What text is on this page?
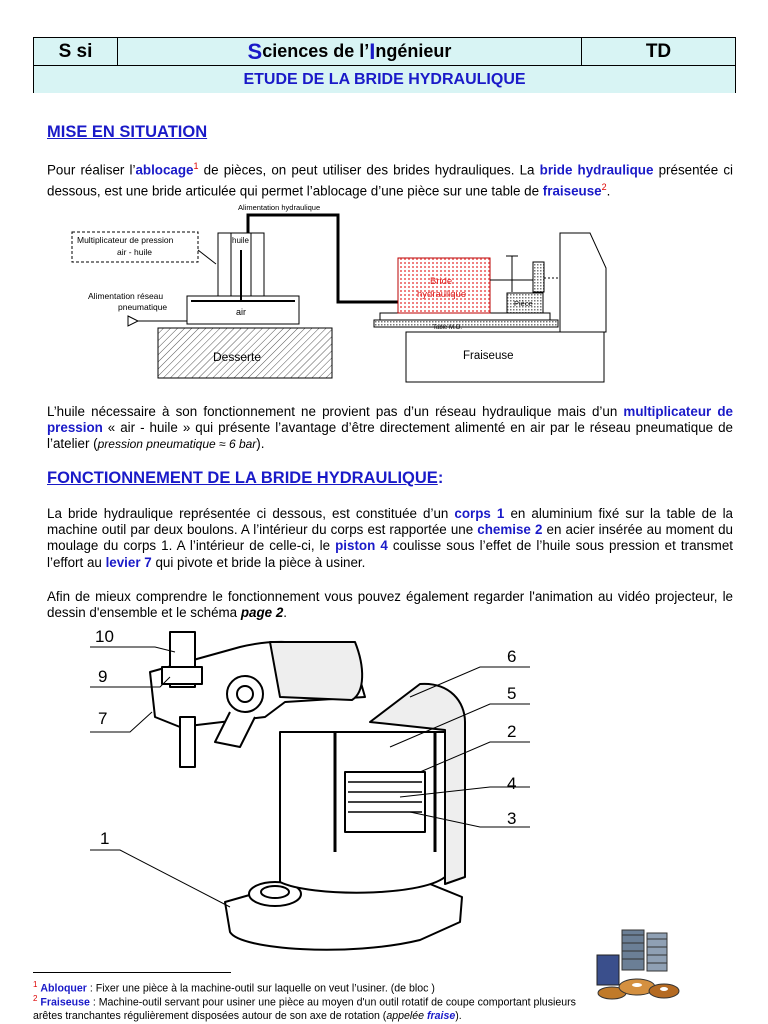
S si	S ciences de l’ I ngénieur	TD
ETUDE DE LA BRIDE HYDRAULIQUE
MISE EN SITUATION

Pour réaliser l’ablocage$^1$ de pièces, on peut utiliser des brides hydrauliques. La bride hydraulique présentée ci dessous, est une bride articulée qui permet l’ablocage d’une pièce sur une table de fraiseuse$^2$.

Alimentation hydraulique
huile
air
Multiplicateur de pression
air - huile
Alimentation réseau
pneumatique
Desserte	Fraiseuse
Table M.O.
Bride
hydraulique
Pièce

L’huile nécessaire à son fonctionnement ne provient pas d’un réseau hydraulique mais d’un multiplicateur de pression « air - huile » qui présente l’avantage d’être directement alimenté en air par le réseau pneumatique de l’atelier (pression pneumatique ≈ 6 bar).

FONCTIONNEMENT DE LA BRIDE HYDRAULIQUE:

La bride hydraulique représentée ci dessous, est constituée d’un corps 1 en aluminium fixé sur la table de la machine outil par deux boulons. A l’intérieur du corps est rapportée une chemise 2 en acier insérée au moment du moulage du corps 1. A l’intérieur de celle-ci, le piston 4 coulisse sous l’effet de l’huile sous pression et transmet l’effort au levier 7 qui pivote et bride la pièce à usiner.

Afin de mieux comprendre le fonctionnement vous pouvez également regarder l'animation au vidéo projecteur, le dessin d'ensemble et le schéma page 2.

10
9
7
1
6
5
2
4
3

$^1$ Abloquer : Fixer une pièce à la machine-outil sur laquelle on veut l’usiner. (de bloc )

$^2$ Fraiseuse : Machine-outil servant pour usiner une pièce au moyen d'un outil rotatif de coupe comportant plusieurs arêtes tranchantes régulièrement disposées autour de son axe de rotation (appelée fraise).
